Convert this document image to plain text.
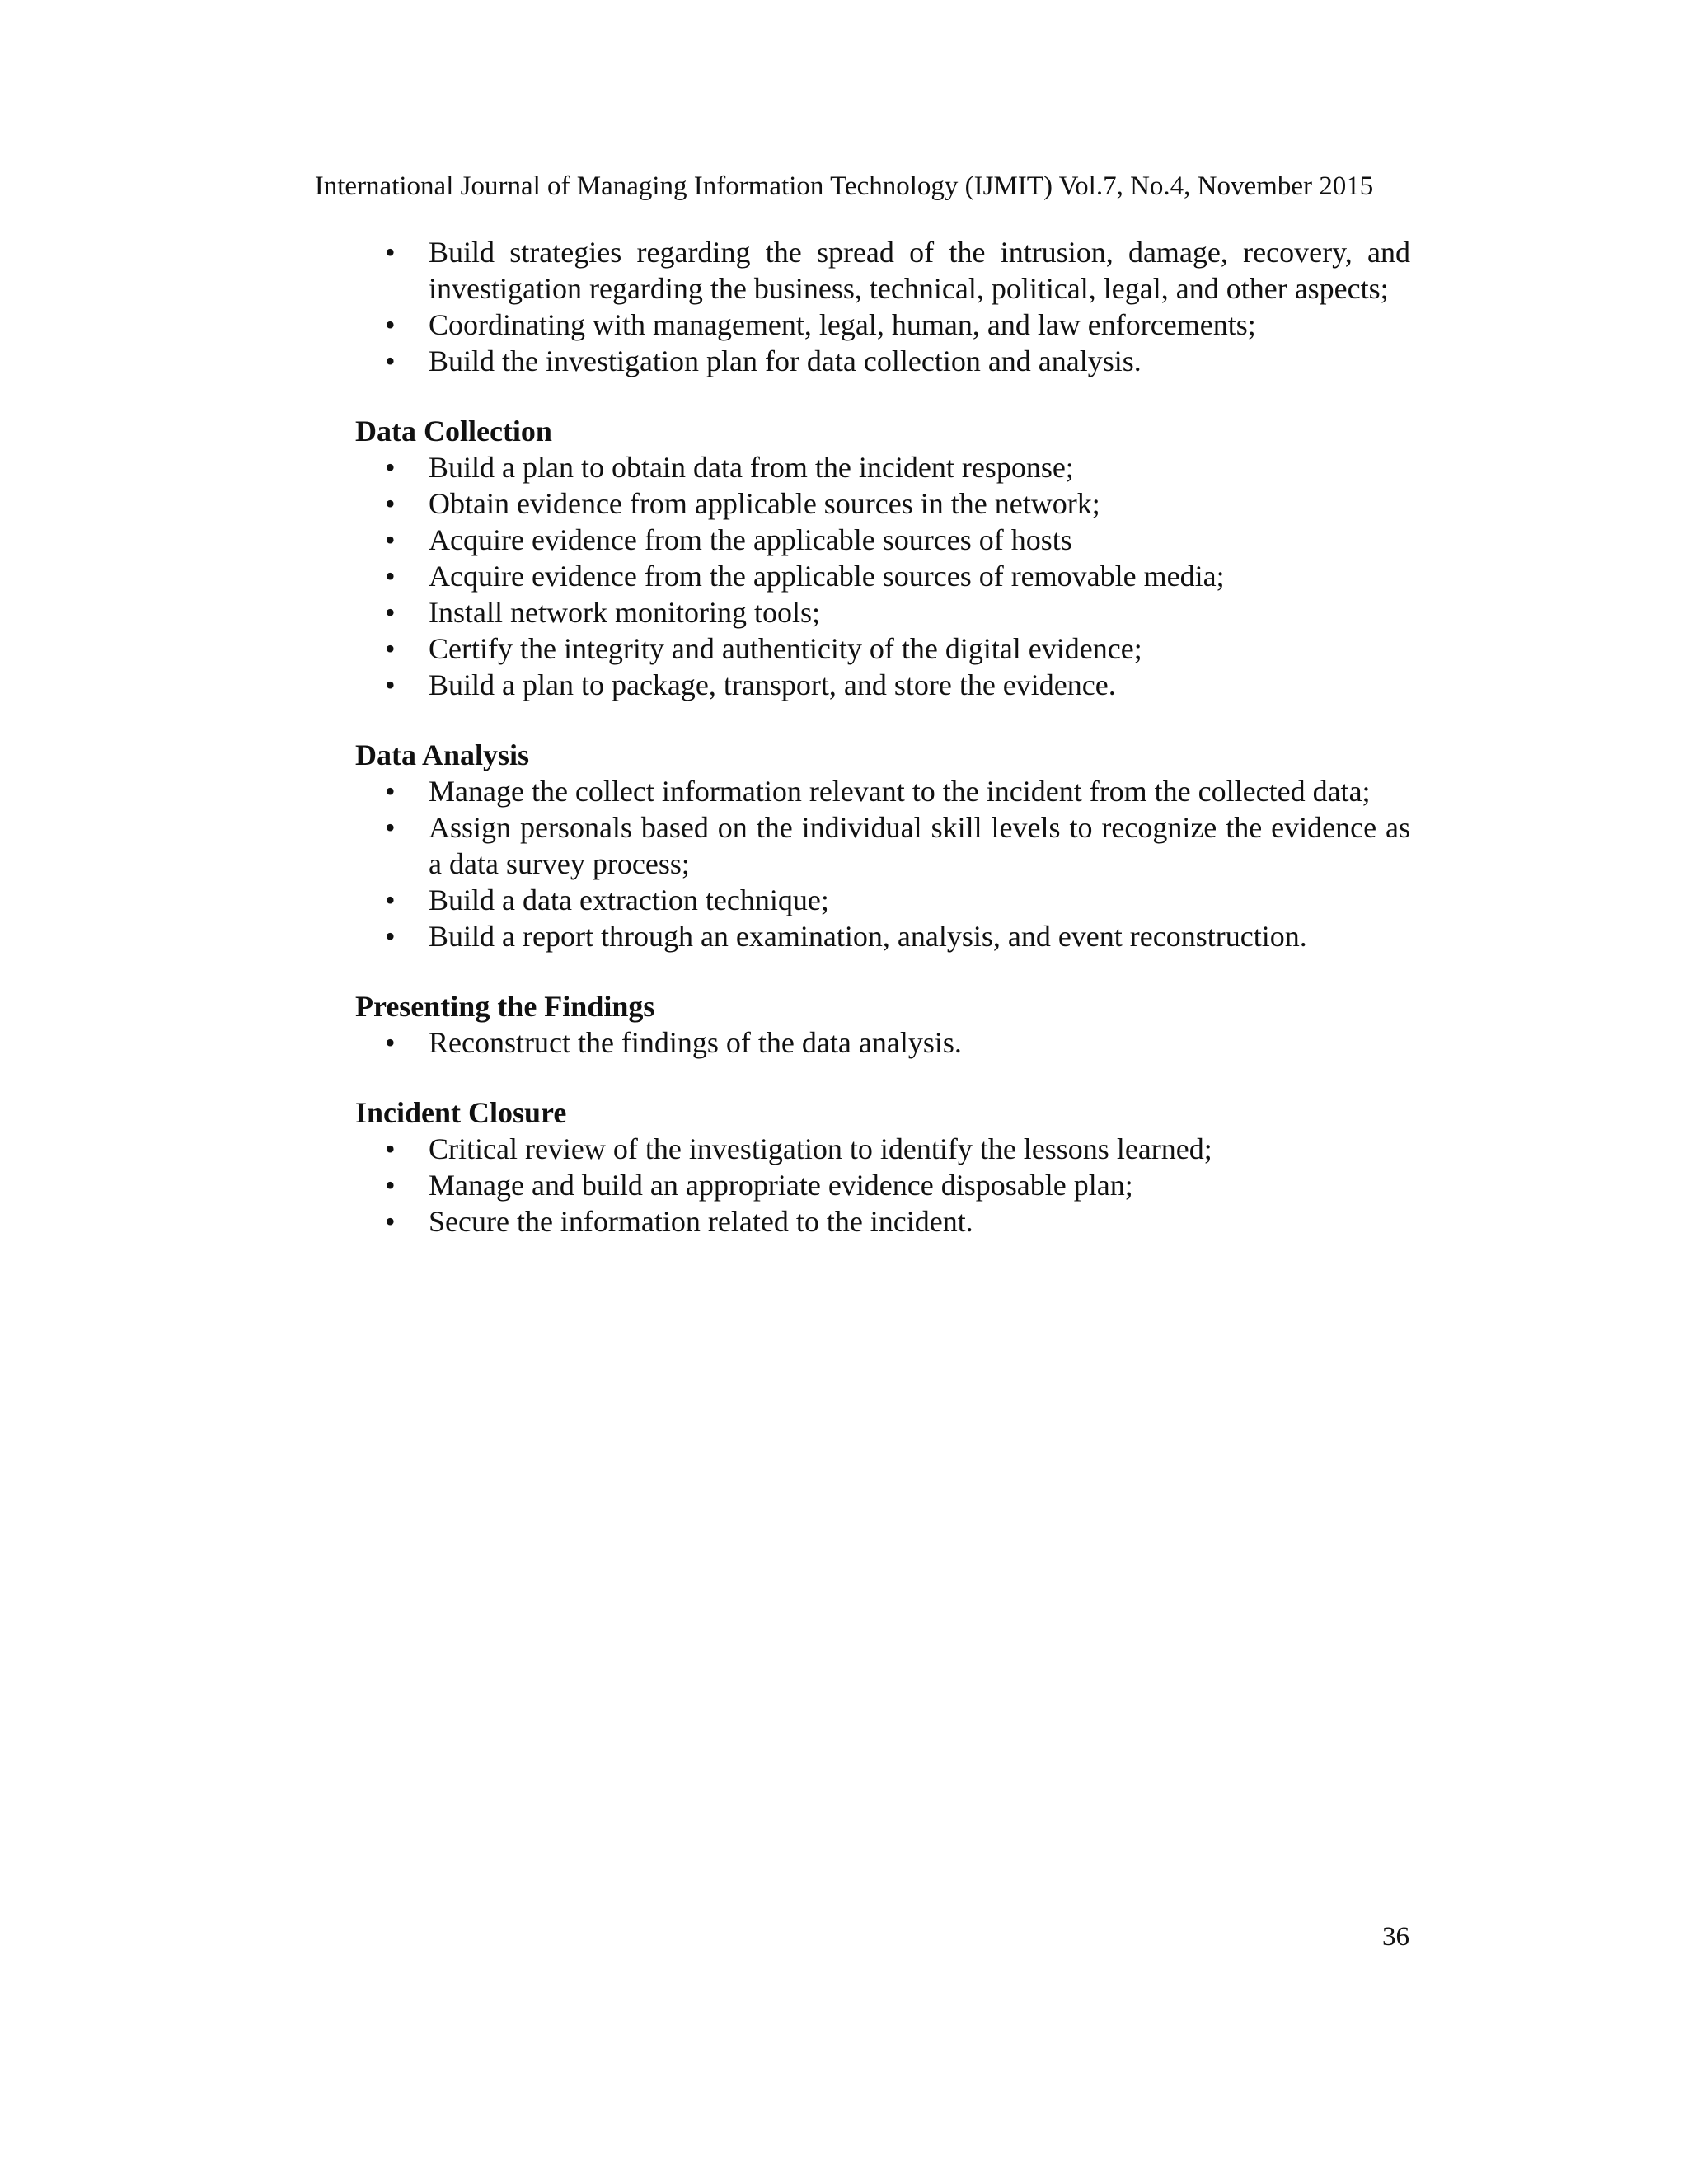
International Journal of Managing Information Technology (IJMIT) Vol.7, No.4, November 2015
• Build strategies regarding the spread of the intrusion, damage, recovery, and investigation regarding the business, technical, political, legal, and other aspects;
• Coordinating with management, legal, human, and law enforcements;
• Build the investigation plan for data collection and analysis.
Data Collection
• Build a plan to obtain data from the incident response;
• Obtain evidence from applicable sources in the network;
• Acquire evidence from the applicable sources of hosts
• Acquire evidence from the applicable sources of removable media;
• Install network monitoring tools;
• Certify the integrity and authenticity of the digital evidence;
• Build a plan to package, transport, and store the evidence.
Data Analysis
• Manage the collect information relevant to the incident from the collected data;
• Assign personals based on the individual skill levels to recognize the evidence as a data survey process;
• Build a data extraction technique;
• Build a report through an examination, analysis, and event reconstruction.
Presenting the Findings
• Reconstruct the findings of the data analysis.
Incident Closure
• Critical review of the investigation to identify the lessons learned;
• Manage and build an appropriate evidence disposable plan;
• Secure the information related to the incident.
36
